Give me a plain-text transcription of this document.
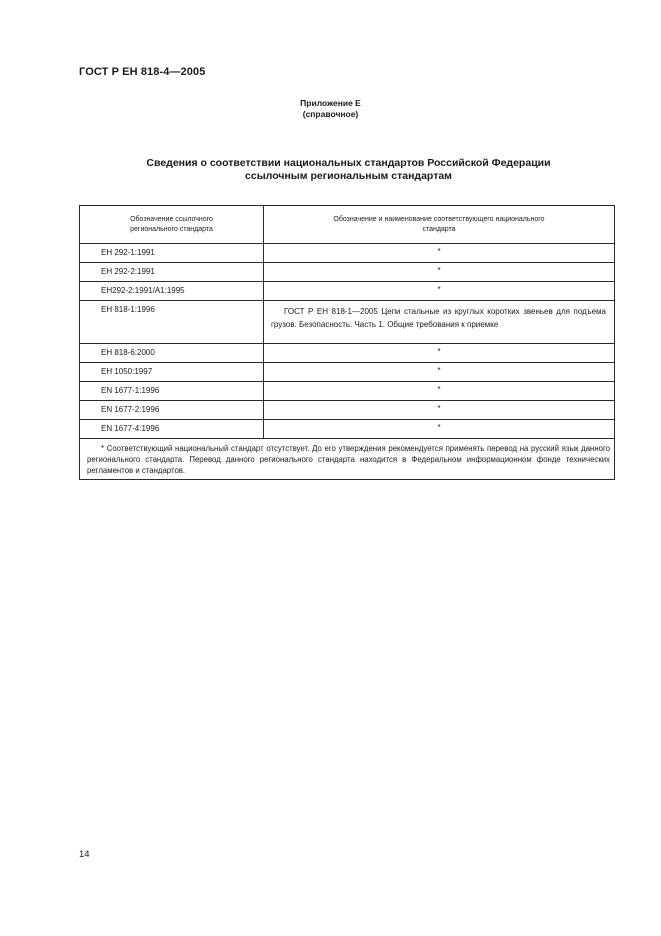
ГОСТ Р ЕН 818-4—2005
Приложение Е
(справочное)
Сведения о соответствии национальных стандартов Российской Федерации
ссылочным региональным стандартам
Обозначение ссылочного регионального стандарта	Обозначение и наименование соответствующего национального стандарта

ЕН 292-1:1991	*
ЕН 292-2:1991	*
ЕН292-2:1991/А1:1995	*
ЕН 818-1:1996	ГОСТ Р ЕН 818-1—2005 Цепи стальные из круглых коротких звеньев для подъема грузов. Безопасность. Часть 1. Общие требования к приемке
ЕН 818-6:2000	*
ЕН 1050:1997	*
EN 1677-1:1996	*
EN 1677-2:1996	*
EN 1677-4:1996	*
* Соответствующий национальный стандарт отсутствует. До его утверждения рекомендуется применять перевод на русский язык данного регионального стандарта. Перевод данного регионального стандарта находится в Федеральном информационном фонде технических регламентов и стандартов.	
14
